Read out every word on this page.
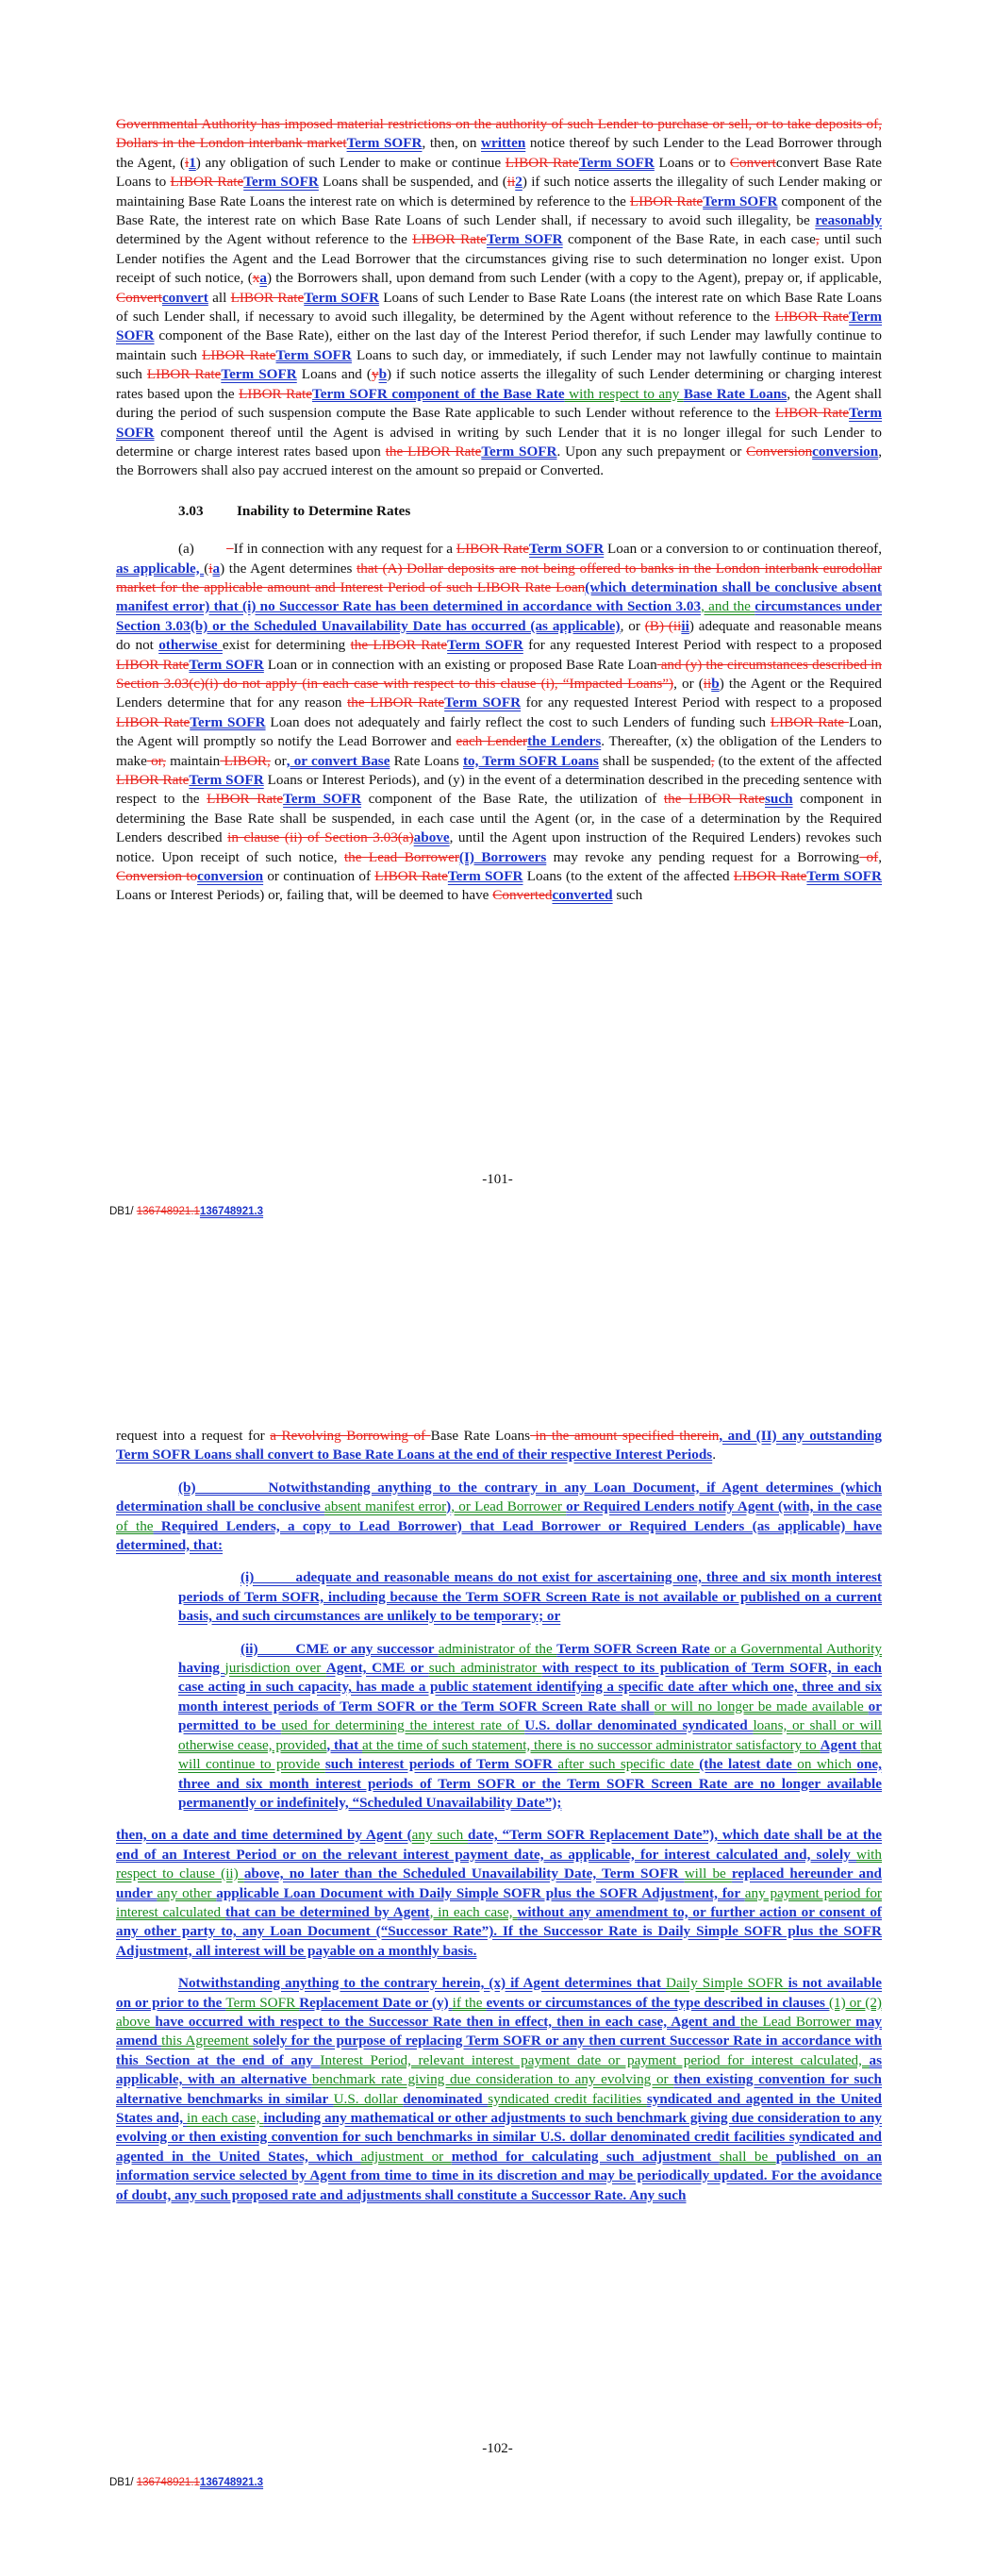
Governmental Authority has imposed material restrictions on the authority of such Lender to purchase or sell, or to take deposits of, Dollars in the London interbank marketTerm SOFR, then, on written notice thereof by such Lender to the Lead Borrower through the Agent, (i1) any obligation of such Lender to make or continue LIBOR RateTerm SOFR Loans or to Convertconvert Base Rate Loans to LIBOR RateTerm SOFR Loans shall be suspended, and (ii2) if such notice asserts the illegality of such Lender making or maintaining Base Rate Loans the interest rate on which is determined by reference to the LIBOR RateTerm SOFR component of the Base Rate, the interest rate on which Base Rate Loans of such Lender shall, if necessary to avoid such illegality, be reasonably determined by the Agent without reference to the LIBOR RateTerm SOFR component of the Base Rate, in each case, until such Lender notifies the Agent and the Lead Borrower that the circumstances giving rise to such determination no longer exist. Upon receipt of such notice, (xa) the Borrowers shall, upon demand from such Lender (with a copy to the Agent), prepay or, if applicable, Convertconvert all LIBOR RateTerm SOFR Loans of such Lender to Base Rate Loans (the interest rate on which Base Rate Loans of such Lender shall, if necessary to avoid such illegality, be determined by the Agent without reference to the LIBOR RateTerm SOFR component of the Base Rate), either on the last day of the Interest Period therefor, if such Lender may lawfully continue to maintain such LIBOR RateTerm SOFR Loans to such day, or immediately, if such Lender may not lawfully continue to maintain such LIBOR RateTerm SOFR Loans and (yb) if such notice asserts the illegality of such Lender determining or charging interest rates based upon the LIBOR RateTerm SOFR component of the Base Rate with respect to any Base Rate Loans, the Agent shall during the period of such suspension compute the Base Rate applicable to such Lender without reference to the LIBOR RateTerm SOFR component thereof until the Agent is advised in writing by such Lender that it is no longer illegal for such Lender to determine or charge interest rates based upon the LIBOR RateTerm SOFR. Upon any such prepayment or Conversionconversion, the Borrowers shall also pay accrued interest on the amount so prepaid or Converted.

3.03 Inability to Determine Rates

(a)           If in connection with any request for a LIBOR RateTerm SOFR Loan or a conversion to or continuation thereof, as applicable, (ia) the Agent determines that (A) Dollar deposits are not being offered to banks in the London interbank eurodollar market for the applicable amount and Interest Period of such LIBOR Rate Loan(which determination shall be conclusive absent manifest error) that (i) no Successor Rate has been determined in accordance with Section 3.03, and the circumstances under Section 3.03(b) or the Scheduled Unavailability Date has occurred (as applicable), or (B) (iiii) adequate and reasonable means do not otherwise exist for determining the LIBOR RateTerm SOFR for any requested Interest Period with respect to a proposed LIBOR RateTerm SOFR Loan or in connection with an existing or proposed Base Rate Loan and (y) the circumstances described in Section 3.03(c)(i) do not apply (in each case with respect to this clause (i), “Impacted Loans”), or (iib) the Agent or the Required Lenders determine that for any reason the LIBOR RateTerm SOFR for any requested Interest Period with respect to a proposed LIBOR RateTerm SOFR Loan does not adequately and fairly reflect the cost to such Lenders of funding such LIBOR Rate Loan, the Agent will promptly so notify the Lead Borrower and each Lenderthe Lenders. Thereafter, (x) the obligation of the Lenders to make or, maintain LIBOR, or, or convert Base Rate Loans to, Term SOFR Loans shall be suspended, (to the extent of the affected LIBOR RateTerm SOFR Loans or Interest Periods), and (y) in the event of a determination described in the preceding sentence with respect to the LIBOR RateTerm SOFR component of the Base Rate, the utilization of the LIBOR Ratesuch component in determining the Base Rate shall be suspended, in each case until the Agent (or, in the case of a determination by the Required Lenders described in clause (ii) of Section 3.03(a)above, until the Agent upon instruction of the Required Lenders) revokes such notice. Upon receipt of such notice, the Lead Borrower(I) Borrowers may revoke any pending request for a Borrowing of, Conversion toconversion or continuation of LIBOR RateTerm SOFR Loans (to the extent of the affected LIBOR RateTerm SOFR Loans or Interest Periods) or, failing that, will be deemed to have Convertedconverted such

-101-
DB1/ 136748921.1136748921.3

request into a request for a Revolving Borrowing of Base Rate Loans in the amount specified therein, and (II) any outstanding Term SOFR Loans shall convert to Base Rate Loans at the end of their respective Interest Periods.

(b)          Notwithstanding anything to the contrary in any Loan Document, if Agent determines (which determination shall be conclusive absent manifest error), or Lead Borrower or Required Lenders notify Agent (with, in the case of the Required Lenders, a copy to Lead Borrower) that Lead Borrower or Required Lenders (as applicable) have determined, that:

(i)         adequate and reasonable means do not exist for ascertaining one, three and six month interest periods of Term SOFR, including because the Term SOFR Screen Rate is not available or published on a current basis, and such circumstances are unlikely to be temporary; or

(ii)         CME or any successor administrator of the Term SOFR Screen Rate or a Governmental Authority having jurisdiction over Agent, CME or such administrator with respect to its publication of Term SOFR, in each case acting in such capacity, has made a public statement identifying a specific date after which one, three and six month interest periods of Term SOFR or the Term SOFR Screen Rate shall or will no longer be made available or permitted to be used for determining the interest rate of U.S. dollar denominated syndicated loans, or shall or will otherwise cease, provided, that at the time of such statement, there is no successor administrator satisfactory to Agent that will continue to provide such interest periods of Term SOFR after such specific date (the latest date on which one, three and six month interest periods of Term SOFR or the Term SOFR Screen Rate are no longer available permanently or indefinitely, “Scheduled Unavailability Date”);

then, on a date and time determined by Agent (any such date, “Term SOFR Replacement Date”), which date shall be at the end of an Interest Period or on the relevant interest payment date, as applicable, for interest calculated and, solely with respect to clause (ii) above, no later than the Scheduled Unavailability Date, Term SOFR will be replaced hereunder and under any other applicable Loan Document with Daily Simple SOFR plus the SOFR Adjustment, for any payment period for interest calculated that can be determined by Agent, in each case, without any amendment to, or further action or consent of any other party to, any Loan Document (“Successor Rate”). If the Successor Rate is Daily Simple SOFR plus the SOFR Adjustment, all interest will be payable on a monthly basis.

Notwithstanding anything to the contrary herein, (x) if Agent determines that Daily Simple SOFR is not available on or prior to the Term SOFR Replacement Date or (y) if the events or circumstances of the type described in clauses (1) or (2) above have occurred with respect to the Successor Rate then in effect, then in each case, Agent and the Lead Borrower may amend this Agreement solely for the purpose of replacing Term SOFR or any then current Successor Rate in accordance with this Section at the end of any Interest Period, relevant interest payment date or payment period for interest calculated, as applicable, with an alternative benchmark rate giving due consideration to any evolving or then existing convention for such alternative benchmarks in similar U.S. dollar denominated syndicated credit facilities syndicated and agented in the United States and, in each case, including any mathematical or other adjustments to such benchmark giving due consideration to any evolving or then existing convention for such benchmarks in similar U.S. dollar denominated credit facilities syndicated and agented in the United States, which adjustment or method for calculating such adjustment shall be published on an information service selected by Agent from time to time in its discretion and may be periodically updated. For the avoidance of doubt, any such proposed rate and adjustments shall constitute a Successor Rate. Any such

-102-
DB1/ 136748921.1136748921.3
